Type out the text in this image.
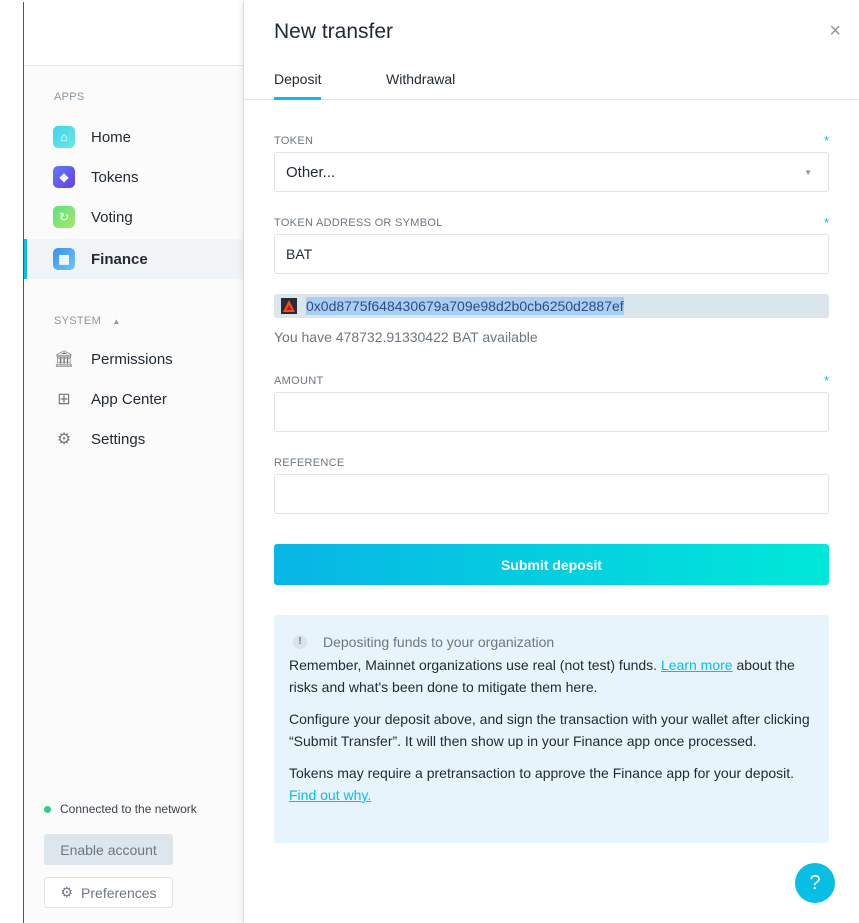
APPS
⌂	Home
◆	Tokens
↻	Voting
▦	Finance
SYSTEM ▲
🏛 Permissions
⊞ App Center
⚙ Settings
Connected to the network
Enable account
⚙ Preferences
New transfer	×
Deposit	Withdrawal
TOKEN	*
Other...	▼
TOKEN ADDRESS OR SYMBOL	*
BAT
0x0d8775f648430679a709e98d2b0cb6250d2887ef
You have 478732.91330422 BAT available
AMOUNT	*
REFERENCE
Submit deposit
!	Depositing funds to your organization

Remember, Mainnet organizations use real (not test) funds. Learn more about the risks and what's been done to mitigate them here.

Configure your deposit above, and sign the transaction with your wallet after clicking “Submit Transfer”. It will then show up in your Finance app once processed.

Tokens may require a pretransaction to approve the Finance app for your deposit. Find out why.

?
